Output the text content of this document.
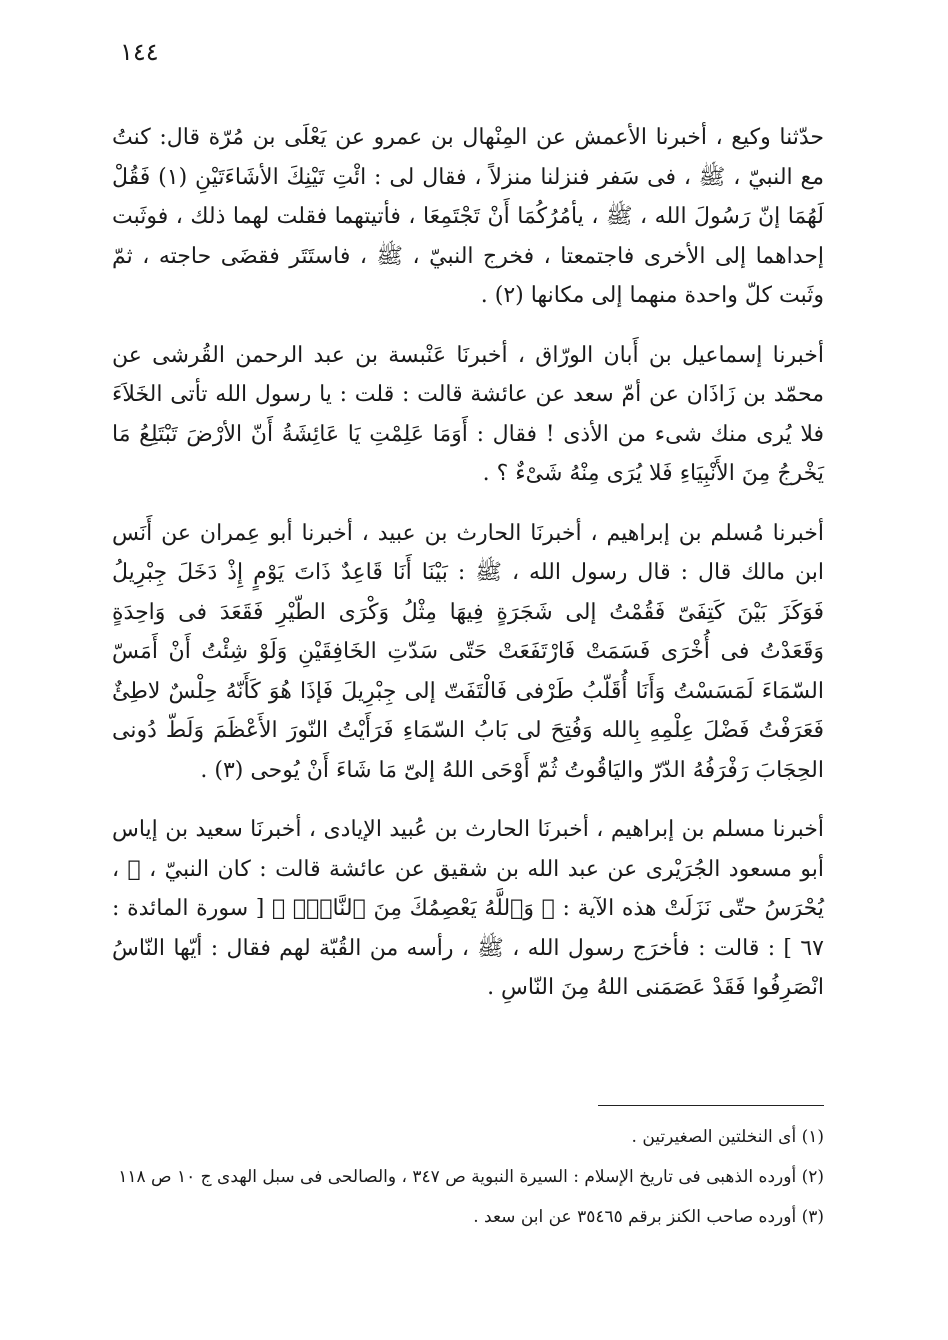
١٤٤

حدّثنا وكيع ، أخبرنا الأعمش عن المِنْهال بن عمرو عن يَعْلَى بن مُرّة قال: كنتُ مع النبيّ ، ﷺ ، فى سَفر فنزلنا منزلاً ، فقال لى : ائْتِ تَيْنِكَ الأشَاءَتَيْنِ (١) فَقُلْ لَهُمَا إنّ رَسُولَ الله ، ﷺ ، يأمُرُكُمَا أَنْ تَجْتَمِعَا ، فأتيتهما فقلت لهما ذلك ، فوثَبت إحداهما إلى الأخرى فاجتمعتا ، فخرج النبيّ ، ﷺ ، فاستَتَر فقضَى حاجته ، ثمّ وثَبت كلّ واحدة منهما إلى مكانها (٢) .

أخبرنا إسماعيل بن أَبان الورّاق ، أخبرنَا عَنْبسة بن عبد الرحمن القُرشى عن محمّد بن زَاذَان عن أمّ سعد عن عائشة قالت : قلت : يا رسول الله تأتى الخَلاَءَ فلا يُرى منك شىء من الأذى ! فقال : أَوَمَا عَلِمْتِ يَا عَائِشَةُ أَنّ الأرْضَ تَبْتَلِعُ مَا يَخْرجُ مِنَ الأَنْبِيَاءِ فَلا يُرَى مِنْهُ شَىْءٌ ؟ .

أخبرنا مُسلم بن إبراهيم ، أخبرنَا الحارث بن عبيد ، أخبرنا أبو عِمران عن أَنَس ابن مالك قال : قال رسول الله ، ﷺ : بَيْنَا أَنَا قَاعِدٌ ذَاتَ يَوْمٍ إِذْ دَخَلَ جِبْرِيلُ فَوَكَزَ بَيْنَ كَتِفَىّ فَقُمْتُ إلى شَجَرَةٍ فِيهَا مِثْلُ وَكْرَى الطّيْرِ فَقَعَدَ فى وَاحِدَةٍ وَقَعَدْتُ فى أُخْرَى فَسَمَتْ فَارْتَفَعَتْ حَتّى سَدّتِ الخَافِقَيْنِ وَلَوْ شِئْتُ أَنْ أَمَسّ السّمَاءَ لَمَسَسْتُ وَأَنَا أُقَلّبُ طَرْفى فَالْتَفَتّ إلى جِبْرِيلَ فَإذَا هُوَ كَأَنّهُ حِلْسٌ لاطِئٌ فَعَرَفْتُ فَضْلَ عِلْمِهِ بِالله وَفُتِحَ لى بَابُ السّمَاءِ فَرَأَيْتُ النّورَ الأَعْظَمَ وَلَطّ دُونى الحِجَابَ رَفْرَفُهُ الدّرّ واليَاقُوتُ ثُمّ أَوْحَى اللهُ إلىّ مَا شَاءَ أَنْ يُوحى (٣) .

أخبرنا مسلم بن إبراهيم ، أخبرنَا الحارث بن عُبيد الإيادى ، أخبرنَا سعيد بن إياس أبو مسعود الجُرَيْرى عن عبد الله بن شقيق عن عائشة قالت : كان النبيّ ، ﷺ ، يُحْرَسُ حتّى نَزَلَتْ هذه الآية : ﴿ وَٱللَّهُ يَعْصِمُكَ مِنَ ٱلنَّاسِۗ ﴾ [ سورة المائدة : ٦٧ ] : قالت : فأخرَج رسول الله ، ﷺ ، رأسه من القُبّة لهم فقال : أيّها النّاسُ انْصَرِفُوا فَقَدْ عَصَمَنى اللهُ مِنَ النّاسِ .

(١) أى النخلتين الصغيرتين .

(٢) أورده الذهبى فى تاريخ الإسلام : السيرة النبوية ص ٣٤٧ ، والصالحى فى سبل الهدى ج ١٠ ص ١١٨

(٣) أورده صاحب الكنز برقم ٣٥٤٦٥ عن ابن سعد .
